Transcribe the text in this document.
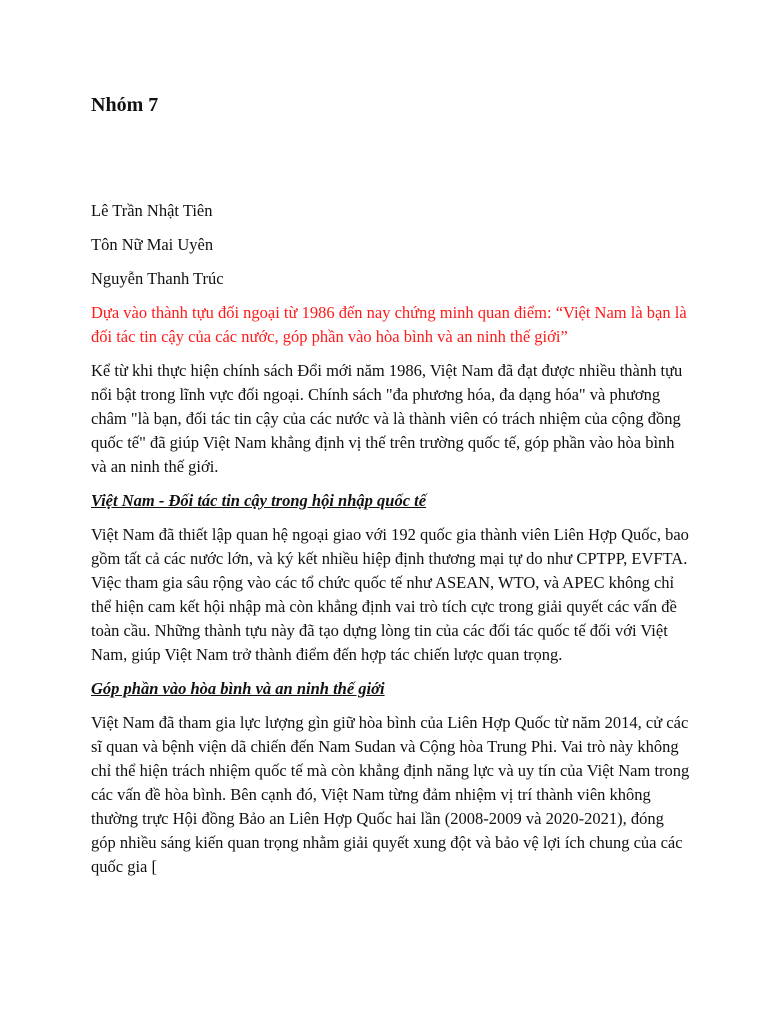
Nhóm 7

Lê Trần Nhật Tiên

Tôn Nữ Mai Uyên

Nguyễn Thanh Trúc

Dựa vào thành tựu đối ngoại từ 1986 đến nay chứng minh quan điểm: “Việt Nam là bạn là đối tác tin cậy của các nước, góp phần vào hòa bình và an ninh thế giới”

Kể từ khi thực hiện chính sách Đổi mới năm 1986, Việt Nam đã đạt được nhiều thành tựu nổi bật trong lĩnh vực đối ngoại. Chính sách "đa phương hóa, đa dạng hóa" và phương châm "là bạn, đối tác tin cậy của các nước và là thành viên có trách nhiệm của cộng đồng quốc tế" đã giúp Việt Nam khẳng định vị thế trên trường quốc tế, góp phần vào hòa bình và an ninh thế giới.

Việt Nam - Đối tác tin cậy trong hội nhập quốc tế

Việt Nam đã thiết lập quan hệ ngoại giao với 192 quốc gia thành viên Liên Hợp Quốc, bao gồm tất cả các nước lớn, và ký kết nhiều hiệp định thương mại tự do như CPTPP, EVFTA. Việc tham gia sâu rộng vào các tổ chức quốc tế như ASEAN, WTO, và APEC không chỉ thể hiện cam kết hội nhập mà còn khẳng định vai trò tích cực trong giải quyết các vấn đề toàn cầu. Những thành tựu này đã tạo dựng lòng tin của các đối tác quốc tế đối với Việt Nam, giúp Việt Nam trở thành điểm đến hợp tác chiến lược quan trọng.

Góp phần vào hòa bình và an ninh thế giới

Việt Nam đã tham gia lực lượng gìn giữ hòa bình của Liên Hợp Quốc từ năm 2014, cử các sĩ quan và bệnh viện dã chiến đến Nam Sudan và Cộng hòa Trung Phi. Vai trò này không chỉ thể hiện trách nhiệm quốc tế mà còn khẳng định năng lực và uy tín của Việt Nam trong các vấn đề hòa bình. Bên cạnh đó, Việt Nam từng đảm nhiệm vị trí thành viên không thường trực Hội đồng Bảo an Liên Hợp Quốc hai lần (2008-2009 và 2020-2021), đóng góp nhiều sáng kiến quan trọng nhằm giải quyết xung đột và bảo vệ lợi ích chung của các quốc gia [
